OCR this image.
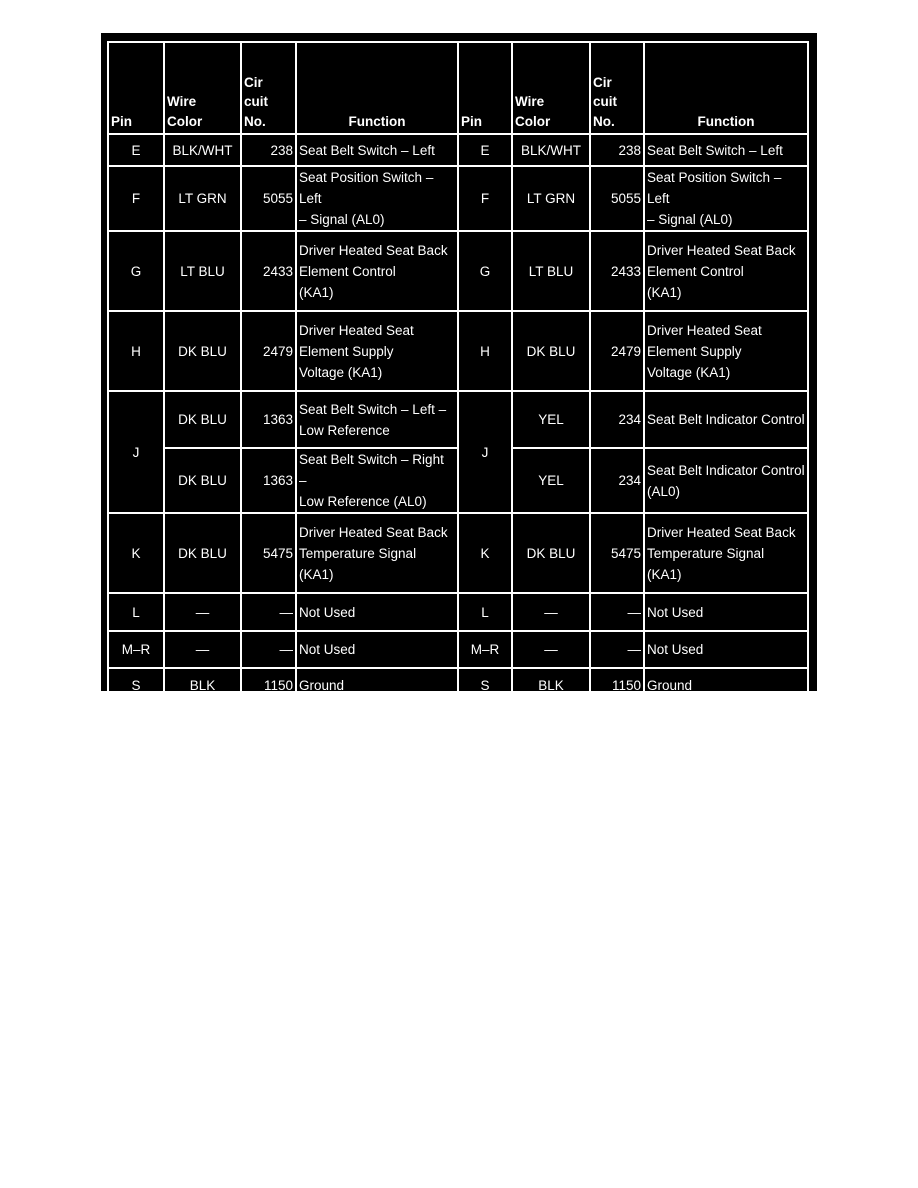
Pin	Wire
Color	Cir
cuit
No.	Function	Pin	Wire
Color	Cir
cuit
No.	Function
E	BLK/WHT	238	Seat Belt Switch – Left	E	BLK/WHT	238	Seat Belt Switch – Left
F	LT GRN	5055	Seat Position Switch – Left
– Signal (AL0)	F	LT GRN	5055	Seat Position Switch – Left
– Signal (AL0)
G	LT BLU	2433	Driver Heated Seat Back
Element Control
(KA1)	G	LT BLU	2433	Driver Heated Seat Back
Element Control
(KA1)
H	DK BLU	2479	Driver Heated Seat
Element Supply
Voltage (KA1)	H	DK BLU	2479	Driver Heated Seat
Element Supply
Voltage (KA1)
J	DK BLU	1363	Seat Belt Switch – Left –
Low Reference	J	YEL	234	Seat Belt Indicator Control
	DK BLU	1363	Seat Belt Switch – Right –
Low Reference (AL0)		YEL	234	Seat Belt Indicator Control
(AL0)
K	DK BLU	5475	Driver Heated Seat Back
Temperature Signal
(KA1)	K	DK BLU	5475	Driver Heated Seat Back
Temperature Signal
(KA1)
L	—	—	Not Used	L	—	—	Not Used
M–R	—	—	Not Used	M–R	—	—	Not Used
S	BLK	1150	Ground	S	BLK	1150	Ground
